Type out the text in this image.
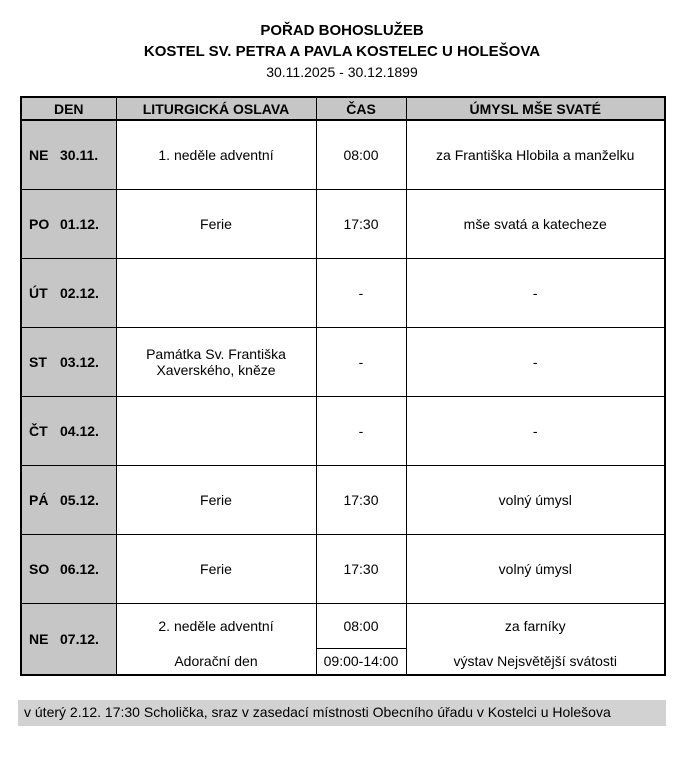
POŘAD BOHOSLUŽEB
KOSTEL SV. PETRA A PAVLA KOSTELEC U HOLEŠOVA
30.11.2025 - 30.12.1899
DEN	LITURGICKÁ OSLAVA	ČAS	ÚMYSL MŠE SVATÉ
NE 30.11.	1. neděle adventní	08:00	za Františka Hlobila a manželku
PO 01.12.	Ferie	17:30	mše svatá a katecheze
ÚT 02.12.		-	-
ST 03.12.	Památka Sv. Františka Xaverského, kněze	-	-
ČT 04.12.		-	-
PÁ 05.12.	Ferie	17:30	volný úmysl
SO 06.12.	Ferie	17:30	volný úmysl
NE 07.12.	2. neděle adventní	08:00	za farníky
	Adorační den	09:00-14:00	výstav Nejsvětější svátosti
v úterý 2.12. 17:30 Scholička, sraz v zasedací místnosti Obecního úřadu v Kostelci u Holešova
